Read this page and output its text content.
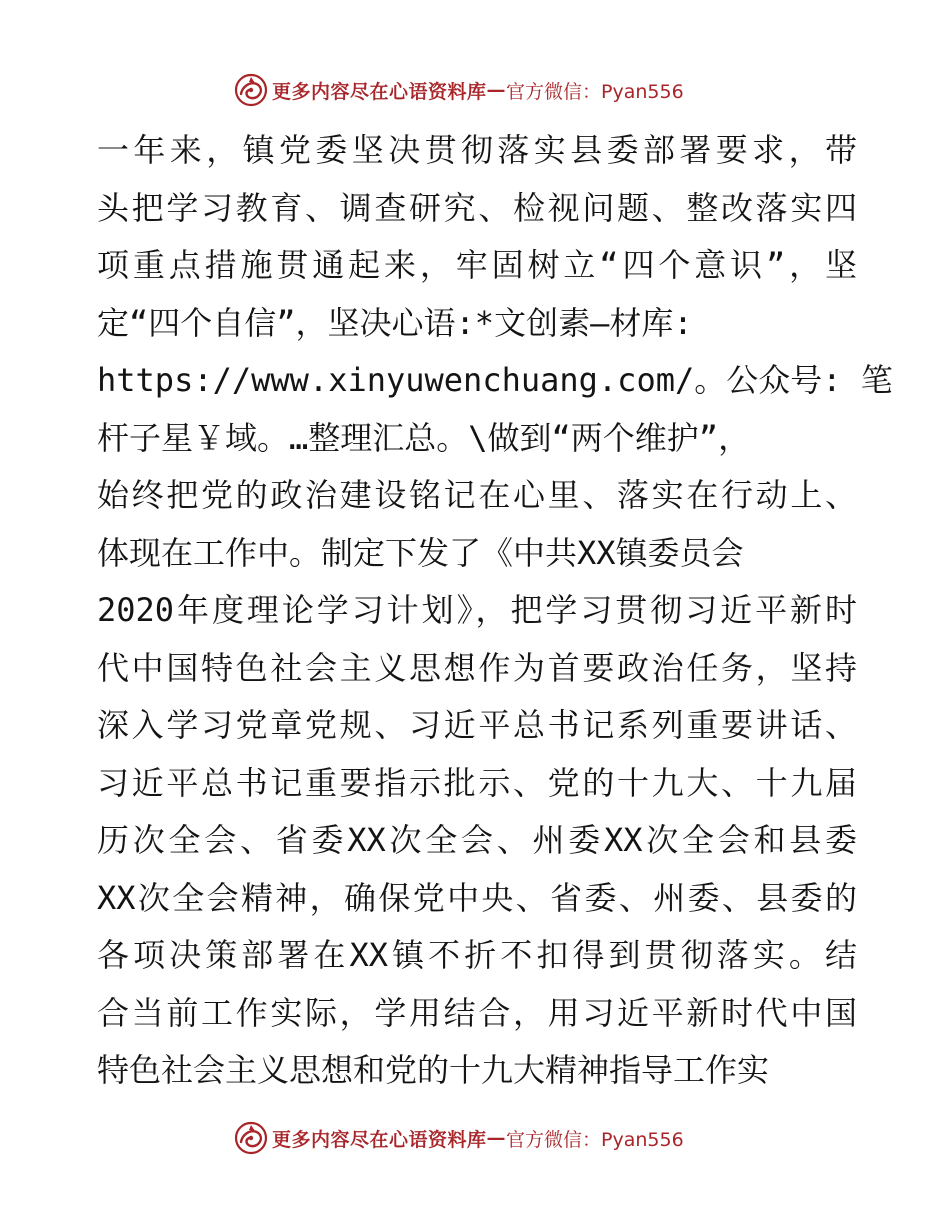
更多内容尽在心语资料库 — 官方微信：Pyan556
一年来，镇党委坚决贯彻落实县委部署要求，带
头把学习教育、调查研究、检视问题、整改落实四
项重点措施贯通起来，牢固树立“四个意识”，坚
定“四个自信”，坚决心语:*文创素—材库:
https://www.xinyuwenchuang.com/。公众号: 笔
杆子星￥域。…整理汇总。\做到“两个维护”，
始终把党的政治建设铭记在心里、落实在行动上、
体现在工作中。制定下发了《中共XX镇委员会
2020年度理论学习计划》，把学习贯彻习近平新时
代中国特色社会主义思想作为首要政治任务，坚持
深入学习党章党规、习近平总书记系列重要讲话、
习近平总书记重要指示批示、党的十九大、十九届
历次全会、省委XX次全会、州委XX次全会和县委
XX次全会精神，确保党中央、省委、州委、县委的
各项决策部署在XX镇不折不扣得到贯彻落实。结
合当前工作实际，学用结合，用习近平新时代中国
特色社会主义思想和党的十九大精神指导工作实
更多内容尽在心语资料库 — 官方微信：Pyan556
